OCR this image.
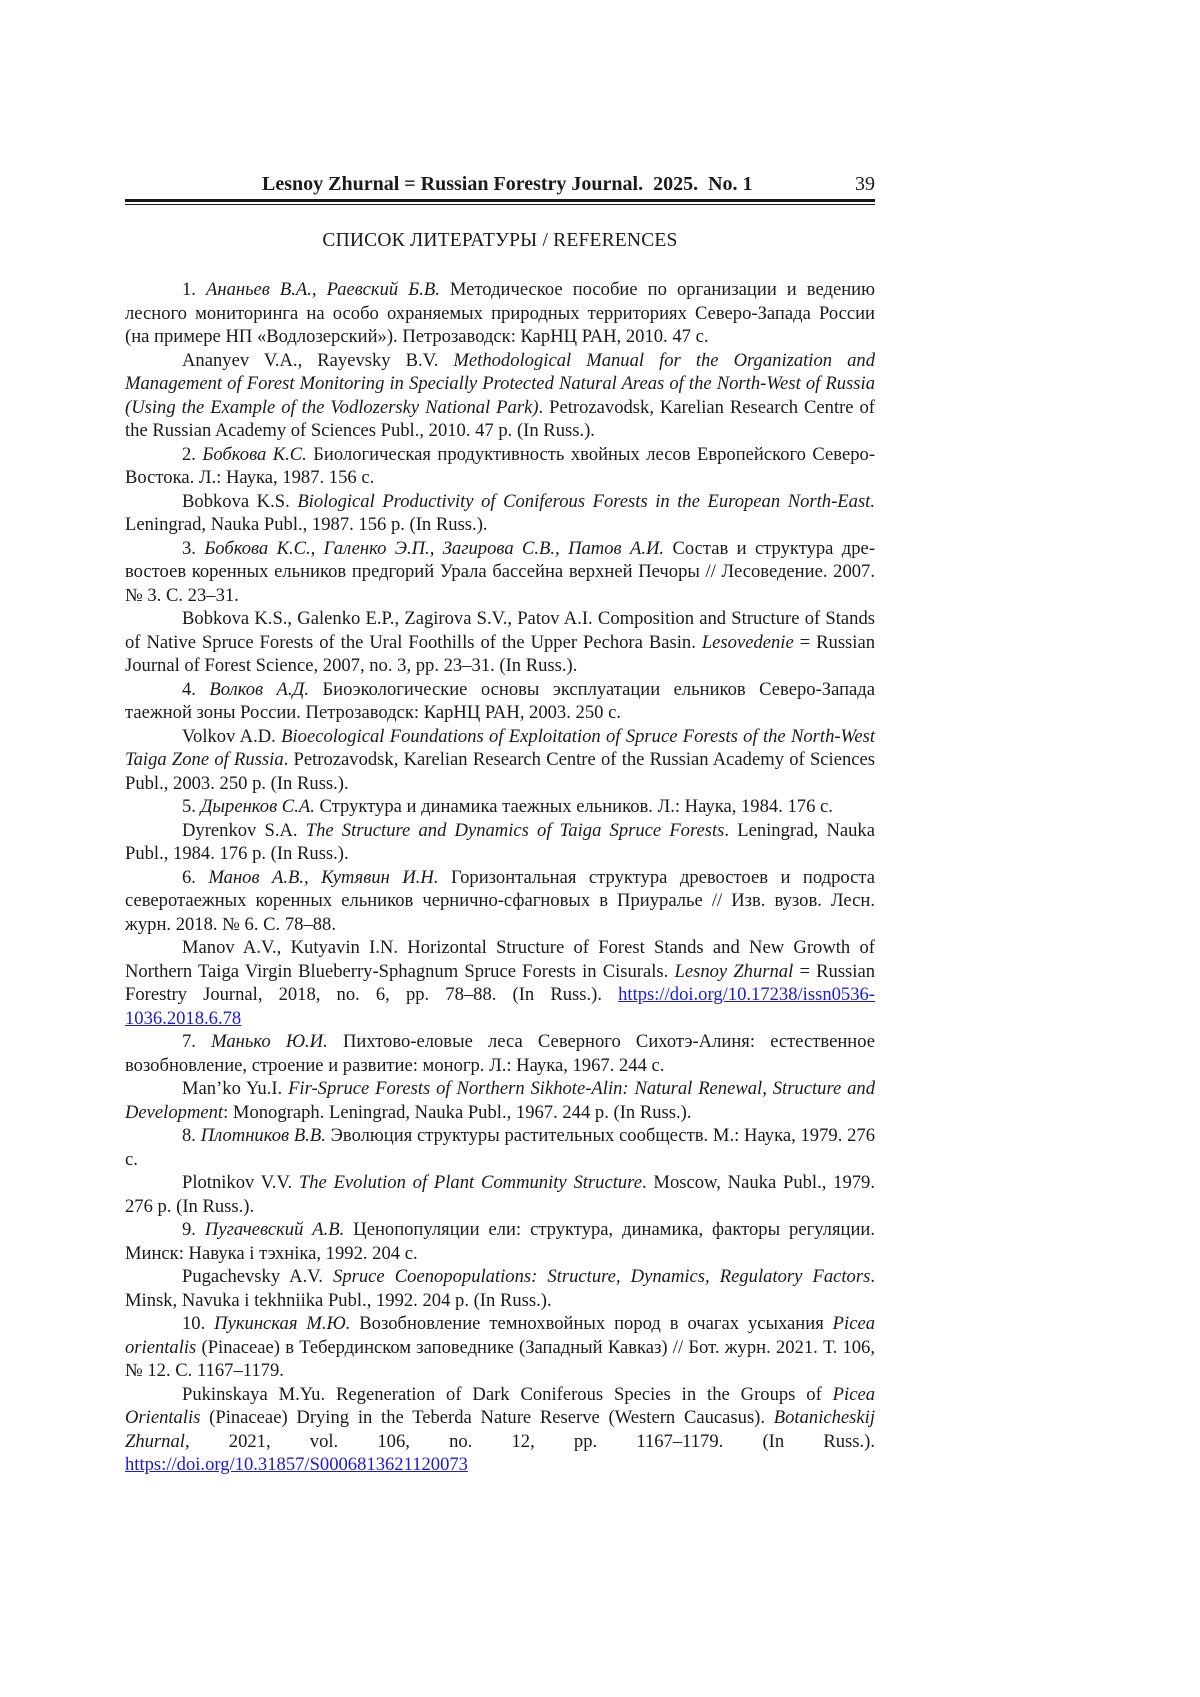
Lesnoy Zhurnal = Russian Forestry Journal.  2025.  No. 1	39
СПИСОК ЛИТЕРАТУРЫ / REFERENCES

1. Ананьев В.А., Раевский Б.В. Методическое пособие по организации и ведению лесного мониторинга на особо охраняемых природных территориях Северо-Запада России (на примере НП «Водлозерский»). Петрозаводск: КарНЦ РАН, 2010. 47 с.

Ananyev V.A., Rayevsky B.V. Methodological Manual for the Organization and Management of Forest Monitoring in Specially Protected Natural Areas of the North-West of Russia (Using the Example of the Vodlozersky National Park). Petrozavodsk, Karelian Research Centre of the Russian Academy of Sciences Publ., 2010. 47 p. (In Russ.).

2. Бобкова К.С. Биологическая продуктивность хвойных лесов Европейского Северо-Востока. Л.: Наука, 1987. 156 с.

Bobkova K.S. Biological Productivity of Coniferous Forests in the European North-East. Leningrad, Nauka Publ., 1987. 156 p. (In Russ.).

3. Бобкова К.С., Галенко Э.П., Загирова С.В., Патов А.И. Состав и структура древостоев коренных ельников предгорий Урала бассейна верхней Печоры // Лесоведение. 2007. № 3. С. 23–31.

Bobkova K.S., Galenko E.P., Zagirova S.V., Patov A.I. Composition and Structure of Stands of Native Spruce Forests of the Ural Foothills of the Upper Pechora Basin. Lesovedenie = Russian Journal of Forest Science, 2007, no. 3, pp. 23–31. (In Russ.).

4. Волков А.Д. Биоэкологические основы эксплуатации ельников Северо-Запада таежной зоны России. Петрозаводск: КарНЦ РАН, 2003. 250 с.

Volkov A.D. Bioecological Foundations of Exploitation of Spruce Forests of the North-West Taiga Zone of Russia. Petrozavodsk, Karelian Research Centre of the Russian Academy of Sciences Publ., 2003. 250 p. (In Russ.).

5. Дыренков С.А. Структура и динамика таежных ельников. Л.: Наука, 1984. 176 с.

Dyrenkov S.A. The Structure and Dynamics of Taiga Spruce Forests. Leningrad, Nauka Publ., 1984. 176 p. (In Russ.).

6. Манов А.В., Кутявин И.Н. Горизонтальная структура древостоев и подроста северотаежных коренных ельников чернично-сфагновых в Приуралье // Изв. вузов. Лесн. журн. 2018. № 6. С. 78–88.

Manov A.V., Kutyavin I.N. Horizontal Structure of Forest Stands and New Growth of Northern Taiga Virgin Blueberry-Sphagnum Spruce Forests in Cisurals. Lesnoy Zhurnal = Russian Forestry Journal, 2018, no. 6, pp. 78–88. (In Russ.). https://doi.org/10.17238/issn0536-1036.2018.6.78

7. Манько Ю.И. Пихтово-еловые леса Северного Сихотэ-Алиня: естественное возобновление, строение и развитие: моногр. Л.: Наука, 1967. 244 с.

Man’ko Yu.I. Fir-Spruce Forests of Northern Sikhote-Alin: Natural Renewal, Structure and Development: Monograph. Leningrad, Nauka Publ., 1967. 244 p. (In Russ.).

8. Плотников В.В. Эволюция структуры растительных сообществ. М.: Наука, 1979. 276 с.

Plotnikov V.V. The Evolution of Plant Community Structure. Moscow, Nauka Publ., 1979. 276 p. (In Russ.).

9. Пугачевский А.В. Ценопопуляции ели: структура, динамика, факторы регуляции. Минск: Навука і тэхніка, 1992. 204 с.

Pugachevsky A.V. Spruce Coenopopulations: Structure, Dynamics, Regulatory Factors. Minsk, Navuka i tekhniika Publ., 1992. 204 p. (In Russ.).

10. Пукинская М.Ю. Возобновление темнохвойных пород в очагах усыхания Picea orientalis (Pinaceae) в Тебердинском заповеднике (Западный Кавказ) // Бот. журн. 2021. Т. 106, № 12. С. 1167–1179.

Pukinskaya M.Yu. Regeneration of Dark Coniferous Species in the Groups of Picea Orientalis (Pinaceae) Drying in the Teberda Nature Reserve (Western Caucasus). Botanicheskij Zhurnal, 2021, vol. 106, no. 12, pp. 1167–1179. (In Russ.). https://doi.org/10.31857/S0006813621120073
